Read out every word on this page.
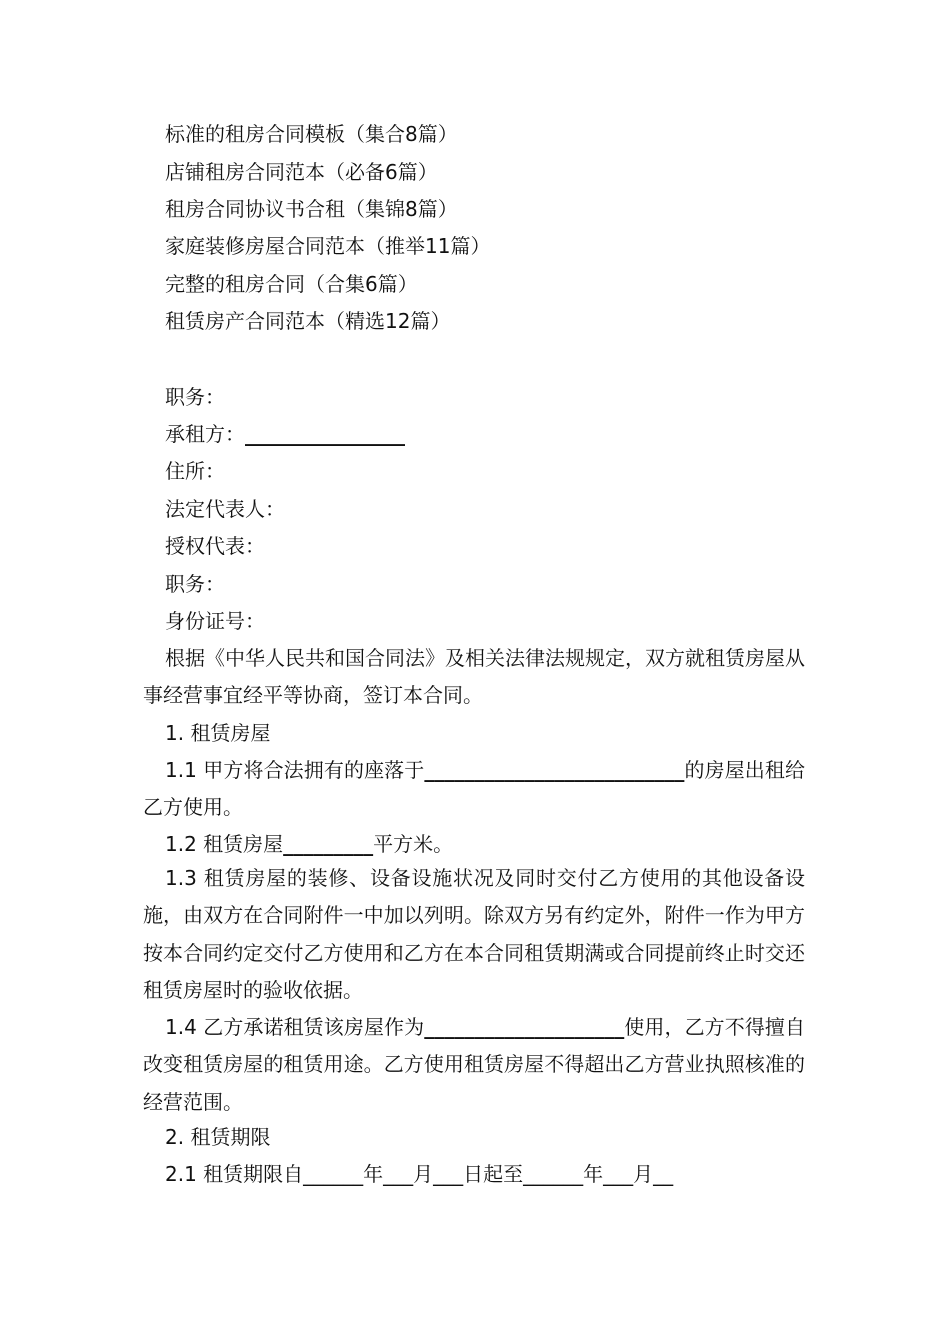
标准的租房合同模板（集合8篇）
店铺租房合同范本（必备6篇）
租房合同协议书合租（集锦8篇）
家庭装修房屋合同范本（推举11篇）
完整的租房合同（合集6篇）
租赁房产合同范本（精选12篇）
职务：
承租方：________________
住所：
法定代表人：
授权代表：
职务：
身份证号：
根据《中华人民共和国合同法》及相关法律法规规定，双方就租赁房屋从事经营事宜经平等协商，签订本合同。
1. 租赁房屋
1.1 甲方将合法拥有的座落于__________________________的房屋出租给乙方使用。
1.2 租赁房屋_________平方米。
1.3 租赁房屋的装修、设备设施状况及同时交付乙方使用的其他设备设施，由双方在合同附件一中加以列明。除双方另有约定外，附件一作为甲方按本合同约定交付乙方使用和乙方在本合同租赁期满或合同提前终止时交还租赁房屋时的验收依据。
1.4 乙方承诺租赁该房屋作为____________________使用，乙方不得擅自改变租赁房屋的租赁用途。乙方使用租赁房屋不得超出乙方营业执照核准的经营范围。
2. 租赁期限
2.1 租赁期限自______年___月___日起至______年___月__
